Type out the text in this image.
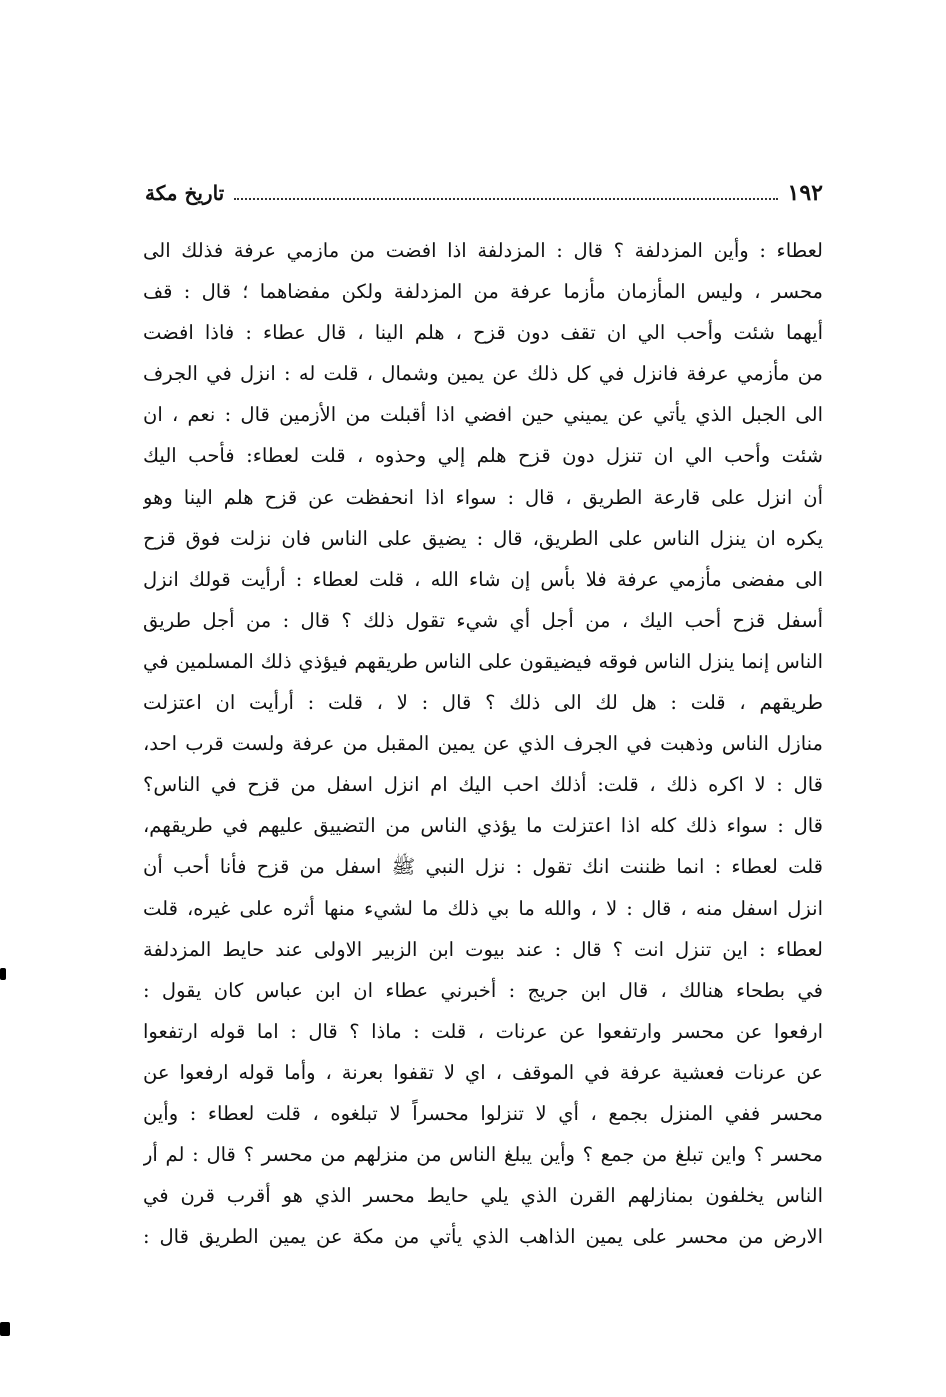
١٩٢
تاريخ مكة
لعطاء : وأين المزدلفة ؟ قال : المزدلفة اذا افضت من مازمي عرفة فذلك الى
محسر ، وليس المأزمان مأزما عرفة من المزدلفة ولكن مفضاهما ؛ قال : قف
أيهما شئت وأحب الي ان تقف دون قزح ، هلم الينا ، قال عطاء : فاذا افضت
من مأزمي عرفة فانزل في كل ذلك عن يمين وشمال ، قلت له : انزل في الجرف
الى الجبل الذي يأتي عن يميني حين افضي اذا أقبلت من الأزمين قال : نعم ، ان
شئت وأحب الي ان تنزل دون قزح هلم إلي وحذوه ، قلت لعطاء: فأحب اليك
أن انزل على قارعة الطريق ، قال : سواء اذا انحفظت عن قزح هلم الينا وهو
يكره ان ينزل الناس على الطريق، قال : يضيق على الناس فان نزلت فوق قزح
الى مفضى مأزمي عرفة فلا بأس إن شاء الله ، قلت لعطاء : أرأيت قولك انزل
أسفل قزح أحب اليك ، من أجل أي شيء تقول ذلك ؟ قال : من أجل طريق
الناس إنما ينزل الناس فوقه فيضيقون على الناس طريقهم فيؤذي ذلك المسلمين في
طريقهم ، قلت : هل لك الى ذلك ؟ قال : لا ، قلت : أرأيت ان اعتزلت
منازل الناس وذهبت في الجرف الذي عن يمين المقبل من عرفة ولست قرب احد،
قال : لا اكره ذلك ، قلت: أذلك احب اليك ام انزل اسفل من قزح في الناس؟
قال : سواء ذلك كله اذا اعتزلت ما يؤذي الناس من التضييق عليهم في طريقهم،
قلت لعطاء : انما ظننت انك تقول : نزل النبي ﷺ اسفل من قزح فأنا أحب أن
انزل اسفل منه ، قال : لا ، والله ما بي ذلك ما لشيء منها أثره على غيره، قلت
لعطاء : اين تنزل انت ؟ قال : عند بيوت ابن الزبير الاولى عند حايط المزدلفة
في بطحاء هنالك ، قال ابن جريج : أخبرني عطاء ان ابن عباس كان يقول :
ارفعوا عن محسر وارتفعوا عن عرنات ، قلت : ماذا ؟ قال : اما قوله ارتفعوا
عن عرنات فعشية عرفة في الموقف ، اي لا تقفوا بعرنة ، وأما قوله ارفعوا عن
محسر ففي المنزل بجمع ، أي لا تنزلوا محسراً لا تبلغوه ، قلت لعطاء : وأين
محسر ؟ واين تبلغ من جمع ؟ وأين يبلغ الناس من منزلهم من محسر ؟ قال : لم أر
الناس يخلفون بمنازلهم القرن الذي يلي حايط محسر الذي هو أقرب قرن في
الارض من محسر على يمين الذاهب الذي يأتي من مكة عن يمين الطريق قال :
